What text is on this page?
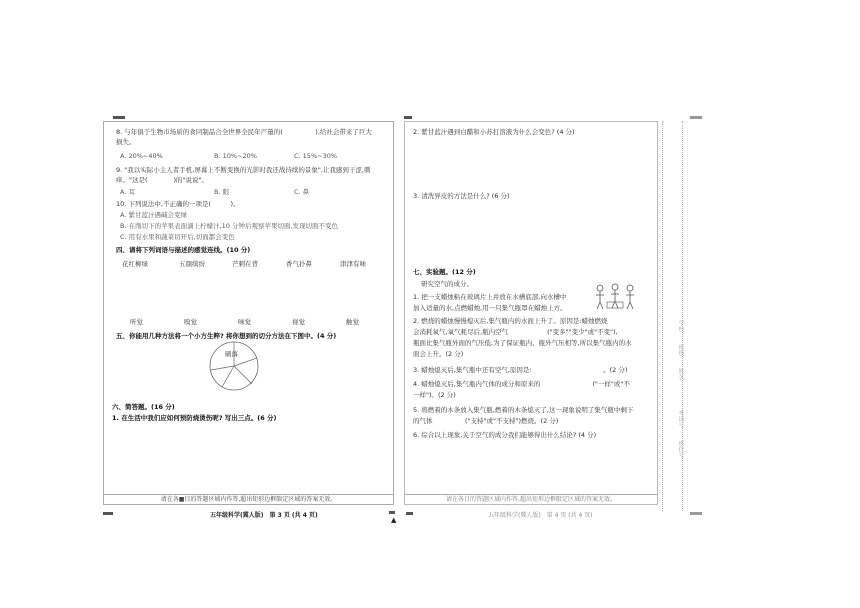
▲
8. 与年俱于生物市场质的食同制品合全世界全民年产量的(　　　　　),给社会带来了巨大
损失。
A. 20%~40%	B. 10%~20%	C. 15%~30%
9. "我以实际小主人者手机,屏幕上不断变换的光影时我还战待续的景象",让我感到干涩,刺
痒。"这是(　　　　)的"说说"。
A. 耳	B. 眼	C. 鼻
10. 下列说法中,不正确的一项是(　　　)。
A. 紫甘蓝汁遇碱会变绿
B. 在削切下的苹果表面滴上柠檬汁,10 分钟后观察苹果切面,发现切面不变色
C. 用有水果和蔬菜切开后,切面都会变色
四、请将下列词语与描述的感觉连线。(10 分)
花红柳绿	五颜缤纷	芒刺在背	香气扑鼻	津津有味
听觉	嗅觉	味觉	视觉	触觉
五、你能用几种方法将一个小方生粹? 将你想到的切分方法在下图中。(4 分)
刷落
六、简答题。(16 分)
1. 在生活中我们应如何预防烧烫伤呢? 写出三点。(6 分)
请在各■目的答题区域内作答,超出矩形边框限定区域的答案无效。
五年级科学(冀人版)　第 3 页 (共 4 页)
2. 紫甘蓝汁遇到白醋和小苏打溶液为什么会变色? (4 分)
3. 清洗异皮的方法是什么? (6 分)
七、实验题。(12 分)
研究空气的成分。
1. 把一支蜡烛粘在玻璃片上并放在水槽底部,向水槽中
加入适量的水,点燃蜡烛,用一只集气瓶罩在蜡烛上方。
2. 燃烧的蜡烛慢慢熄灭后,集气瓶内的水面上升了。原因是:蜡烛燃烧
会消耗氧气,氧气耗尽后,瓶内空气　　　　　　("变多""变少"或"不变"),
瓶面比集气瓶外面的气压低,为了保证瓶内、瓶外气压相等,所以集气瓶内的水
面会上升。(2 分)
3. 蜡烛熄灭后,集气瓶中还有空气,原因是:　　　　　　　　　　　。(2 分)
4. 蜡烛熄灭后,集气瓶内气体的成分和原来的　　　　　　　　("一样"或"不
一样")。(2 分)
5. 将燃着的木条放入集气瓶,燃着的木条熄灭了,这一现象说明了集气瓶中剩下
的气体　　　　　("支持"或"不支持")燃烧。(2 分)
6. 综合以上现象,关于空气的成分我们能够得出什么结论? (4 分)
请在各目的答题区域内作答,超出矩形边框限定区域的答案无效。
五年级科学(冀人版)　第 4 页 (共 4 页)
学校　　班级　　姓名
考场号　　座位号
